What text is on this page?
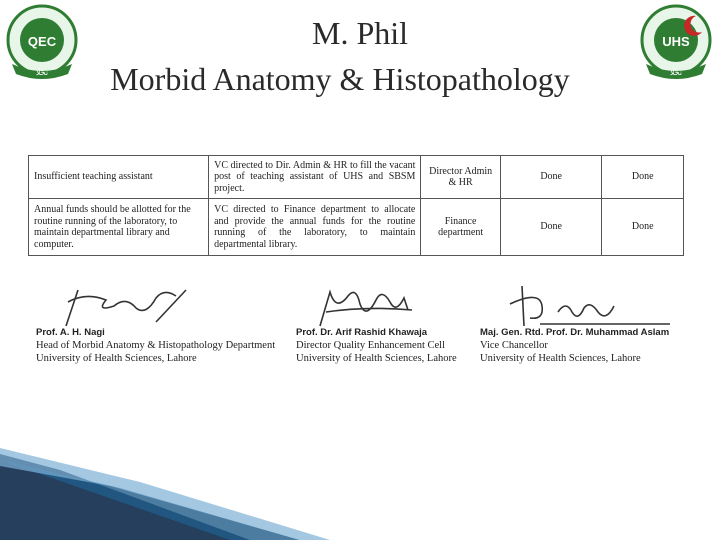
QEC
نخلا
UHS
نخلا
M. Phil
Morbid Anatomy & Histopathology
Insufficient teaching assistant	VC directed to Dir. Admin & HR to fill the vacant post of teaching assistant of UHS and SBSM project.	Director Admin & HR	Done	Done
Annual funds should be allotted for the routine running of the laboratory, to maintain departmental library and computer.	VC directed to Finance department to allocate and provide the annual funds for the routine running of the laboratory, to maintain departmental library.	Finance department	Done	Done
Prof. A. H. Nagi
Head of Morbid Anatomy & Histopathology Department
University of Health Sciences, Lahore
Prof. Dr. Arif Rashid Khawaja
Director Quality Enhancement Cell
University of Health Sciences, Lahore
Maj. Gen. Rtd. Prof. Dr. Muhammad Aslam
Vice Chancellor
University of Health Sciences, Lahore
